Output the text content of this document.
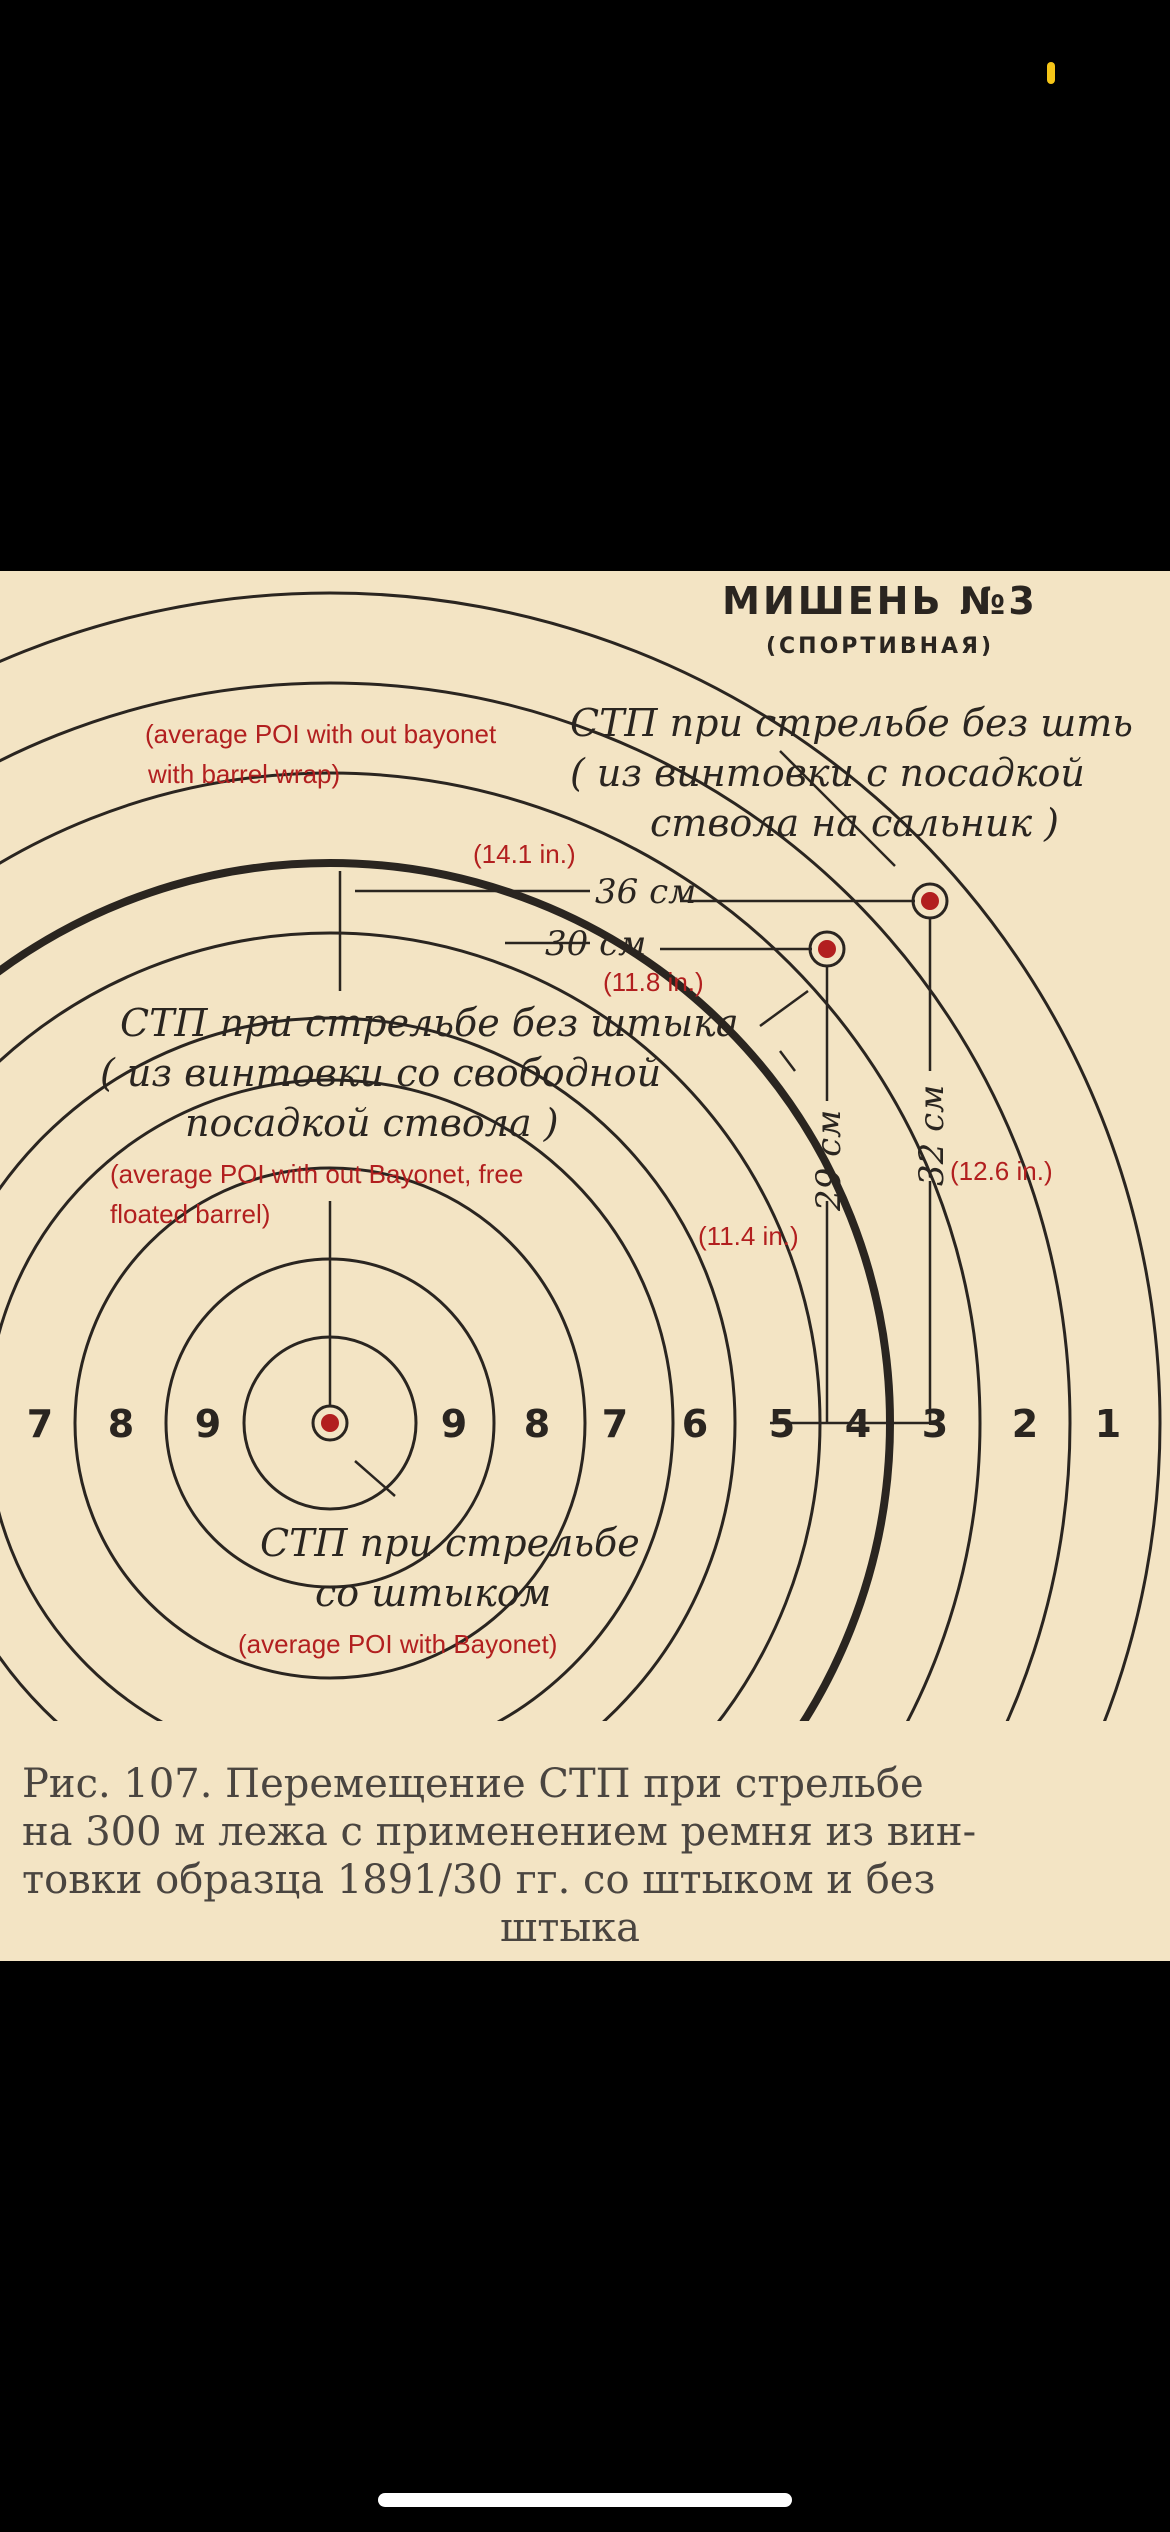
МИШЕНЬ №3
(СПОРТИВНАЯ)
СТП при стрельбе без шть
( из винтовки с посадкой
ствола на сальник )
СТП при стрельбе без штыка
( из винтовки со свободной
посадкой ствола )
СТП при стрельбе
со штыком
36 см
30 см
29 см 32 см
7 8 9	9 8 7 6 5 4 3 2 1
(average POI with out bayonet
with barrel wrap)
(14.1 in.)
(11.8 in.)
(average POI with out Bayonet, free
floated barrel)
(11.4 in.)
(12.6 in.)
(average POI with Bayonet)
Рис. 107. Перемещение СТП при стрельбе
на 300 м лежа с применением ремня из вин-
товки образца 1891/30 гг. со штыком и без
штыка
